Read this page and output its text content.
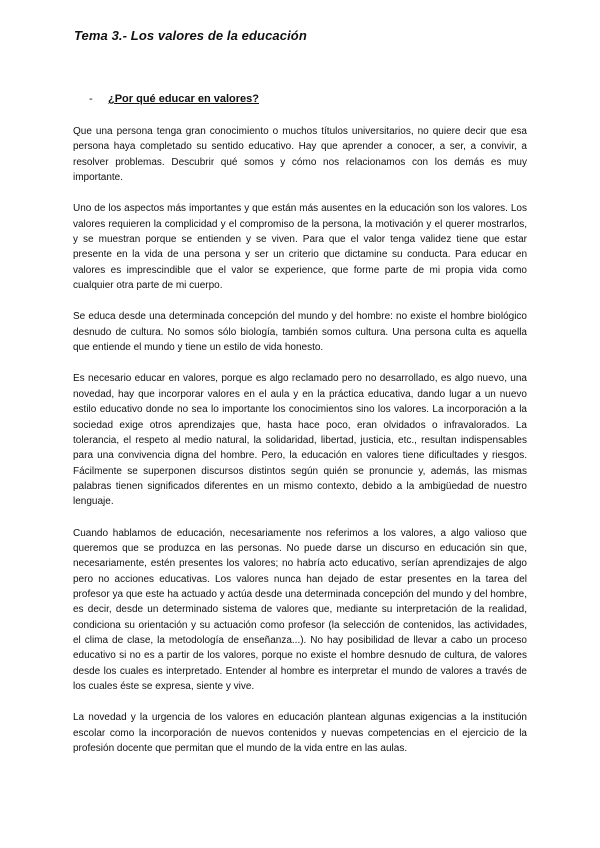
Tema 3.- Los valores de la educación
-	¿Por qué educar en valores?

Que una persona tenga gran conocimiento o muchos títulos universitarios, no quiere decir que esa persona haya completado su sentido educativo. Hay que aprender a conocer, a ser, a convivir, a resolver problemas. Descubrir qué somos y cómo nos relacionamos con los demás es muy importante.

Uno de los aspectos más importantes y que están más ausentes en la educación son los valores. Los valores requieren la complicidad y el compromiso de la persona, la motivación y el querer mostrarlos, y se muestran porque se entienden y se viven. Para que el valor tenga validez tiene que estar presente en la vida de una persona y ser un criterio que dictamine su conducta. Para educar en valores es imprescindible que el valor se experience, que forme parte de mi propia vida como cualquier otra parte de mi cuerpo.

Se educa desde una determinada concepción del mundo y del hombre: no existe el hombre biológico desnudo de cultura. No somos sólo biología, también somos cultura. Una persona culta es aquella que entiende el mundo y tiene un estilo de vida honesto.

Es necesario educar en valores, porque es algo reclamado pero no desarrollado, es algo nuevo, una novedad, hay que incorporar valores en el aula y en la práctica educativa, dando lugar a un nuevo estilo educativo donde no sea lo importante los conocimientos sino los valores. La incorporación a la sociedad exige otros aprendizajes que, hasta hace poco, eran olvidados o infravalorados. La tolerancia, el respeto al medio natural, la solidaridad, libertad, justicia, etc., resultan indispensables para una convivencia digna del hombre. Pero, la educación en valores tiene dificultades y riesgos. Fácilmente se superponen discursos distintos según quién se pronuncie y, además, las mismas palabras tienen significados diferentes en un mismo contexto, debido a la ambigüedad de nuestro lenguaje.

Cuando hablamos de educación, necesariamente nos referimos a los valores, a algo valioso que queremos que se produzca en las personas. No puede darse un discurso en educación sin que, necesariamente, estén presentes los valores; no habría acto educativo, serían aprendizajes de algo pero no acciones educativas. Los valores nunca han dejado de estar presentes en la tarea del profesor ya que este ha actuado y actúa desde una determinada concepción del mundo y del hombre, es decir, desde un determinado sistema de valores que, mediante su interpretación de la realidad, condiciona su orientación y su actuación como profesor (la selección de contenidos, las actividades, el clima de clase, la metodología de enseñanza...). No hay posibilidad de llevar a cabo un proceso educativo si no es a partir de los valores, porque no existe el hombre desnudo de cultura, de valores desde los cuales es interpretado. Entender al hombre es interpretar el mundo de valores a través de los cuales éste se expresa, siente y vive.

La novedad y la urgencia de los valores en educación plantean algunas exigencias a la institución escolar como la incorporación de nuevos contenidos y nuevas competencias en el ejercicio de la profesión docente que permitan que el mundo de la vida entre en las aulas.
